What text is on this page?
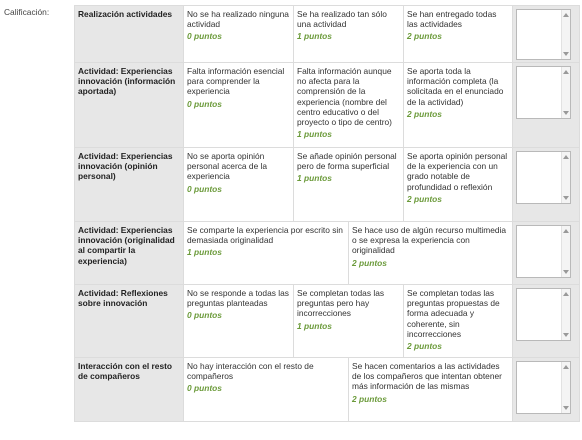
Calificación:	Realización actividades	No se ha realizado ninguna actividad
0 puntos	Se ha realizado tan sólo una actividad
1 puntos		Se han entregado todas las actividades
2 puntos	

Actividad: Experiencias innovación (información aportada)	Falta información esencial para comprender la experiencia
0 puntos	Falta información aunque no afecta para la comprensión de la experiencia (nombre del centro educativo o del proyecto o tipo de centro)
1 puntos		Se aporta toda la información completa (la solicitada en el enunciado de la actividad)
2 puntos	

Actividad: Experiencias innovación (opinión personal)	No se aporta opinión personal acerca de la experiencia
0 puntos	Se añade opinión personal pero de forma superficial
1 puntos		Se aporta opinión personal de la experiencia con un grado notable de profundidad o reflexión
2 puntos	

Actividad: Experiencias innovación (originalidad al compartir la experiencia)	Se comparte la experiencia por escrito sin demasiada originalidad
1 puntos		Se hace uso de algún recurso multimedia o se expresa la experiencia con originalidad
2 puntos		

Actividad: Reflexiones sobre innovación	No se responde a todas las preguntas planteadas
0 puntos	Se completan todas las preguntas pero hay incorrecciones
1 puntos		Se completan todas las preguntas propuestas de forma adecuada y coherente, sin incorrecciones
2 puntos	

Interacción con el resto de compañeros	No hay interacción con el resto de compañeros
0 puntos		Se hacen comentarios a las actividades de los compañeros que intentan obtener más información de las mismas
2 puntos		
